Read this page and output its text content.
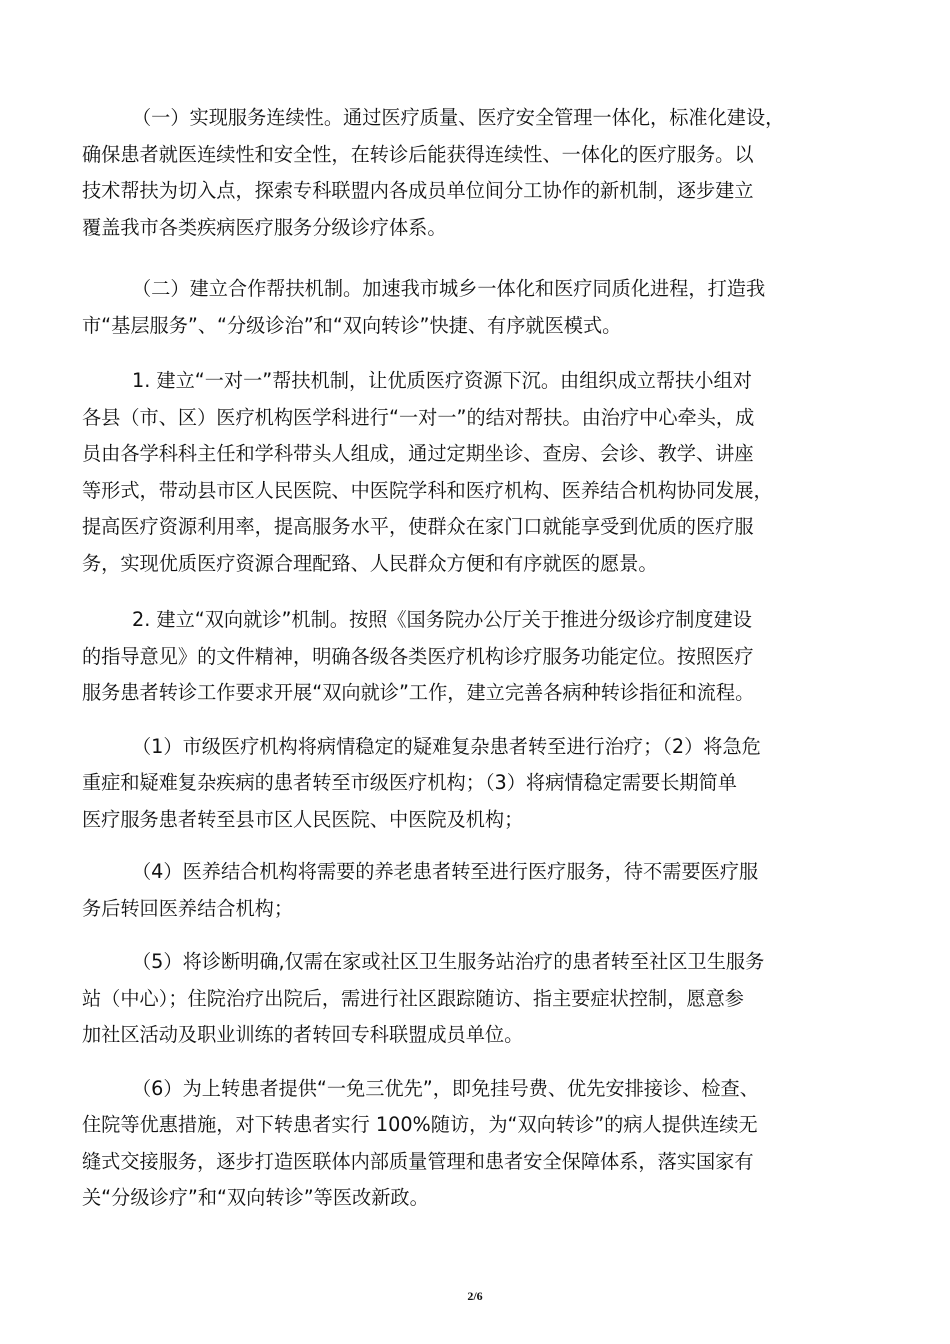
（一）实现服务连续性。通过医疗质量、医疗安全管理一体化，标准化建设，
确保患者就医连续性和安全性，在转诊后能获得连续性、一体化的医疗服务。以
技术帮扶为切入点，探索专科联盟内各成员单位间分工协作的新机制，逐步建立
覆盖我市各类疾病医疗服务分级诊疗体系。
（二）建立合作帮扶机制。加速我市城乡一体化和医疗同质化进程，打造我
市“基层服务”、“分级诊治”和“双向转诊”快捷、有序就医模式。
1. 建立“一对一”帮扶机制，让优质医疗资源下沉。由组织成立帮扶小组对
各县（市、区）医疗机构医学科进行“一对一”的结对帮扶。由治疗中心牵头，成
员由各学科科主任和学科带头人组成，通过定期坐诊、查房、会诊、教学、讲座
等形式，带动县市区人民医院、中医院学科和医疗机构、医养结合机构协同发展，
提高医疗资源利用率，提高服务水平，使群众在家门口就能享受到优质的医疗服
务，实现优质医疗资源合理配臵、人民群众方便和有序就医的愿景。
2. 建立“双向就诊”机制。按照《国务院办公厅关于推进分级诊疗制度建设
的指导意见》的文件精神，明确各级各类医疗机构诊疗服务功能定位。按照医疗
服务患者转诊工作要求开展“双向就诊”工作，建立完善各病种转诊指征和流程。
（1）市级医疗机构将病情稳定的疑难复杂患者转至进行治疗；（2）将急危
重症和疑难复杂疾病的患者转至市级医疗机构；（3）将病情稳定需要长期简单
医疗服务患者转至县市区人民医院、中医院及机构；
（4）医养结合机构将需要的养老患者转至进行医疗服务，待不需要医疗服
务后转回医养结合机构；
（5）将诊断明确,仅需在家或社区卫生服务站治疗的患者转至社区卫生服务
站（中心）；住院治疗出院后，需进行社区跟踪随访、指主要症状控制，愿意参
加社区活动及职业训练的者转回专科联盟成员单位。
（6）为上转患者提供“一免三优先”，即免挂号费、优先安排接诊、检查、
住院等优惠措施，对下转患者实行 100%随访，为“双向转诊”的病人提供连续无
缝式交接服务，逐步打造医联体内部质量管理和患者安全保障体系，落实国家有
关“分级诊疗”和“双向转诊”等医改新政。
2/6
